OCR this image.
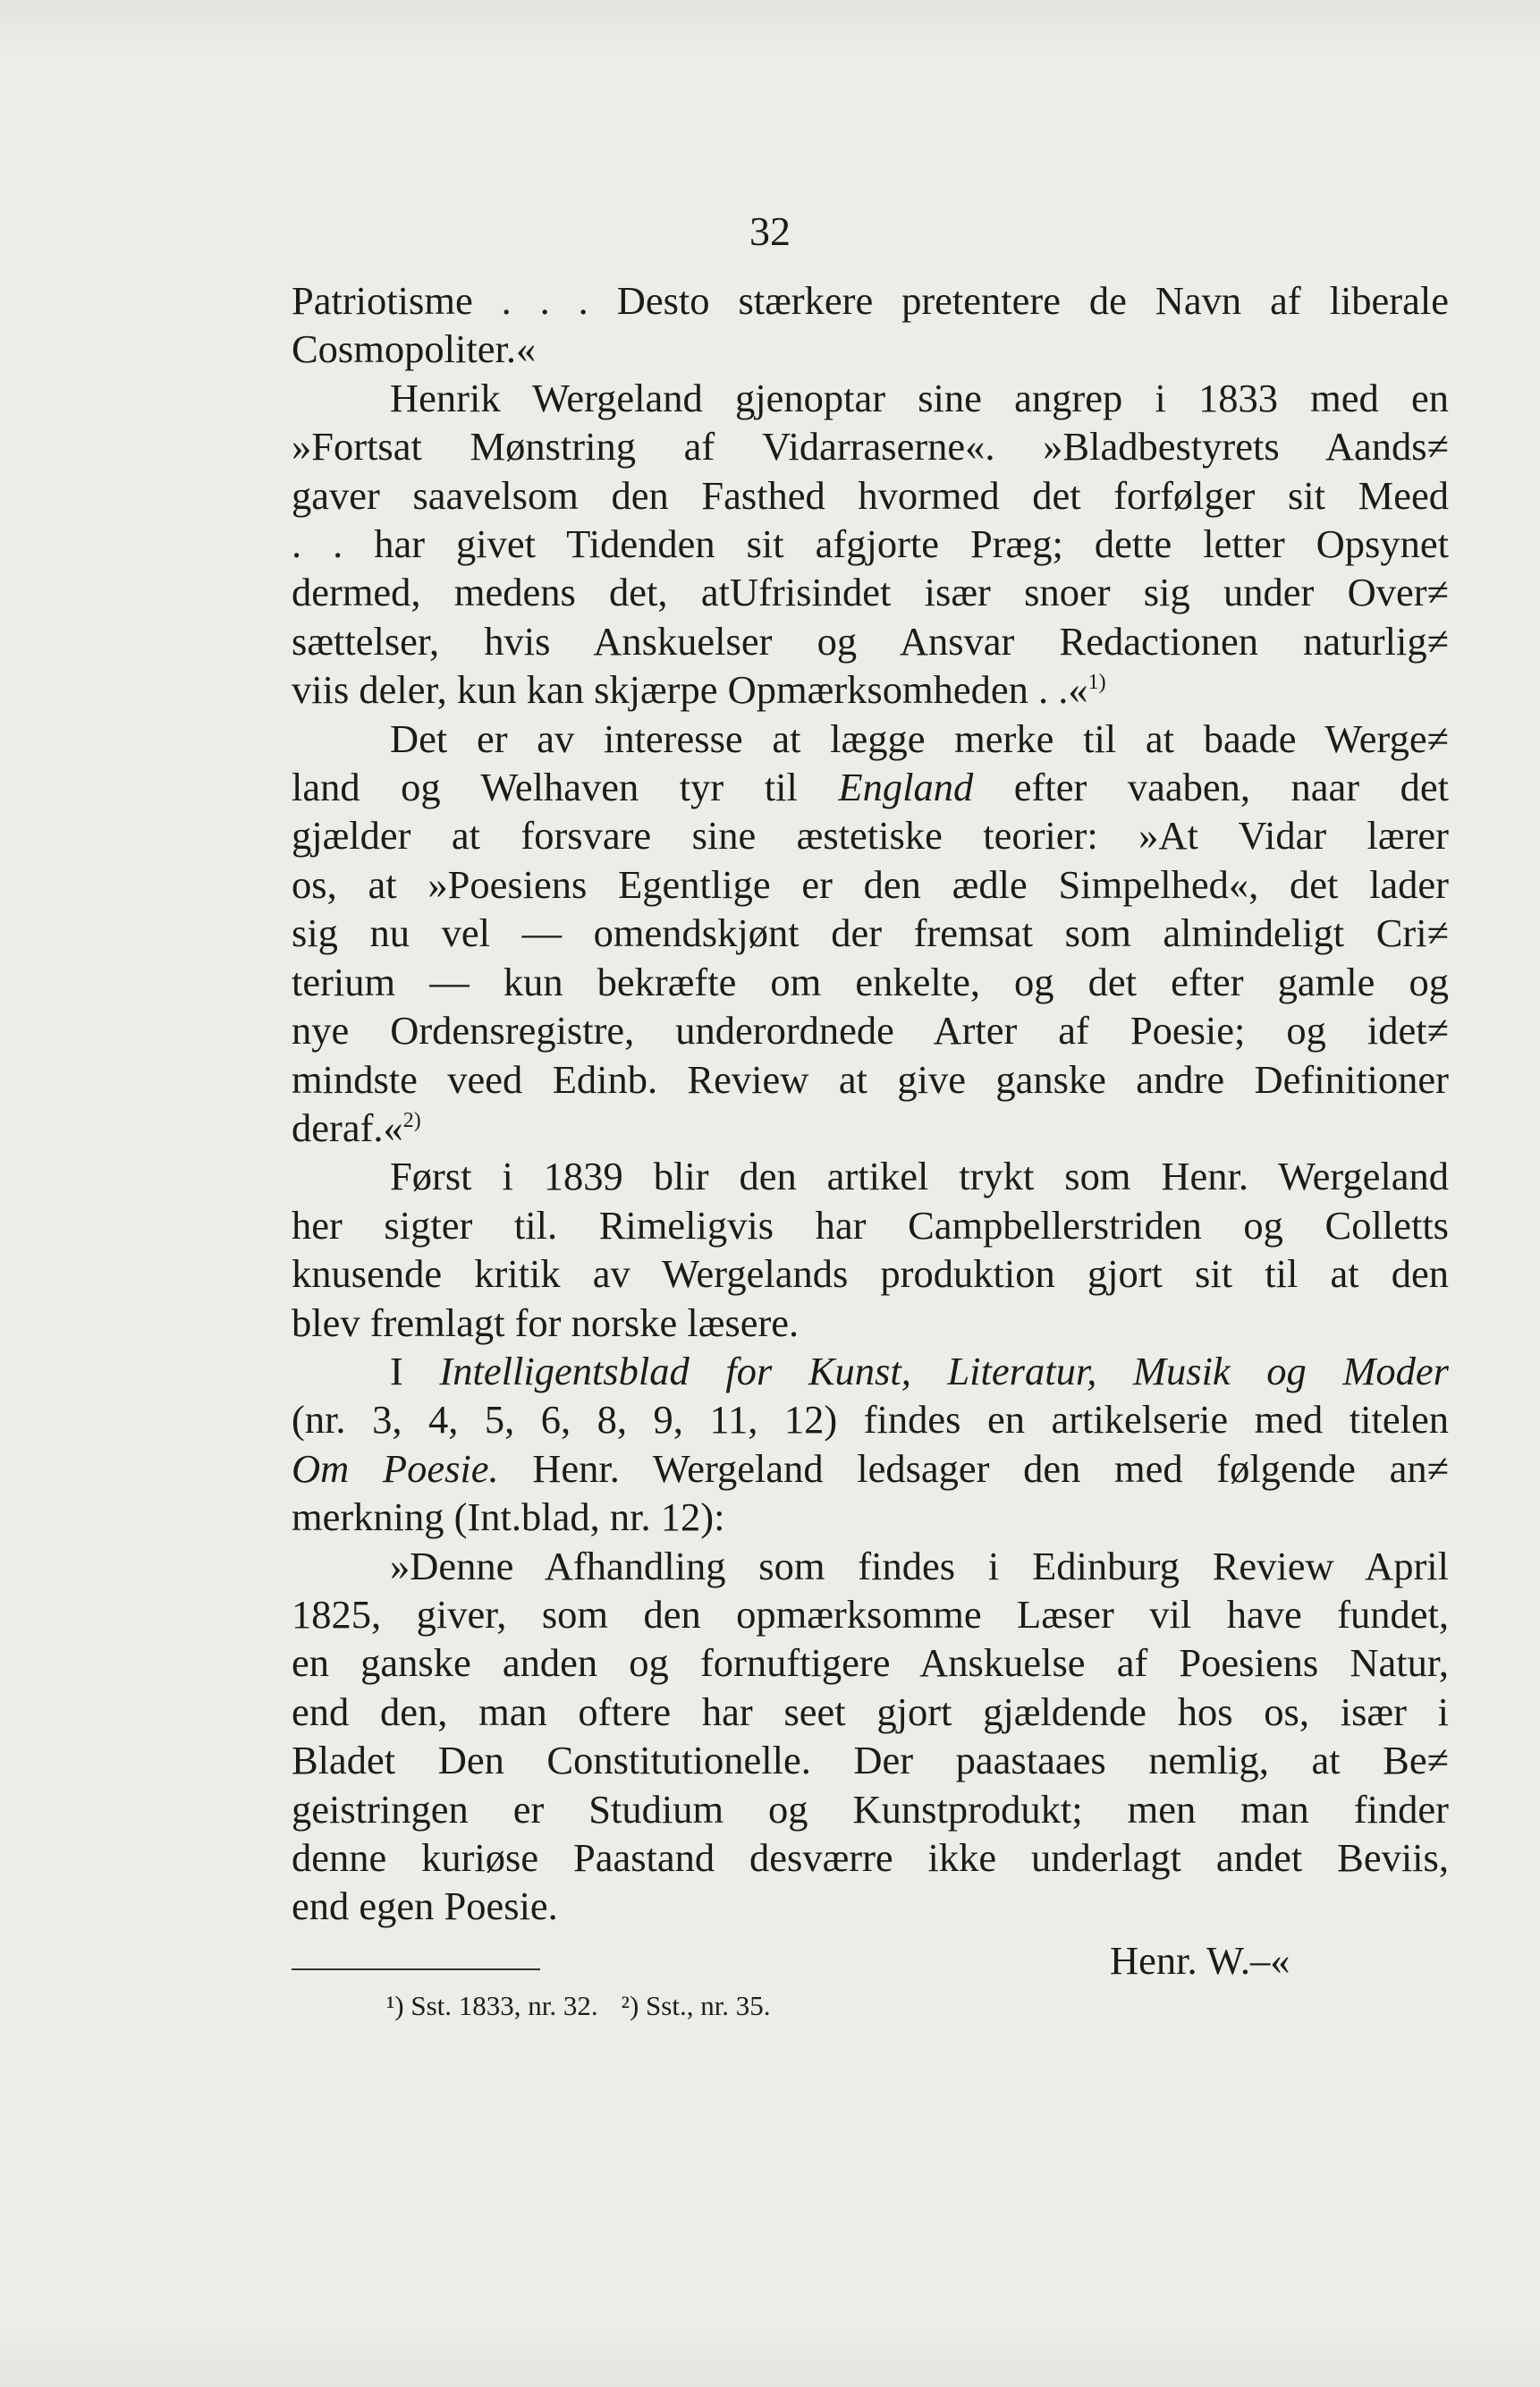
32
Patriotisme . . . Desto stærkere pretentere de Navn af liberale
Cosmopoliter.«
Henrik Wergeland gjenoptar sine angrep i 1833 med en
»Fortsat Mønstring af Vidarraserne«. »Bladbestyrets Aands≠
gaver saavelsom den Fasthed hvormed det forfølger sit Meed
. . har givet Tidenden sit afgjorte Præg; dette letter Opsynet
dermed, medens det, atUfrisindet især snoer sig under Over≠
sættelser, hvis Anskuelser og Ansvar Redactionen naturlig≠
viis deler, kun kan skjærpe Opmærksomheden . .«$^{1)}$
Det er av interesse at lægge merke til at baade Werge≠
land og Welhaven tyr til England efter vaaben, naar det
gjælder at forsvare sine æstetiske teorier: »At Vidar lærer
os, at »Poesiens Egentlige er den ædle Simpelhed«, det lader
sig nu vel — omendskjønt der fremsat som almindeligt Cri≠
terium — kun bekræfte om enkelte, og det efter gamle og
nye Ordensregistre, underordnede Arter af Poesie; og idet≠
mindste veed Edinb. Review at give ganske andre Definitioner
deraf.«$^{2)}$
Først i 1839 blir den artikel trykt som Henr. Wergeland
her sigter til. Rimeligvis har Campbellerstriden og Colletts
knusende kritik av Wergelands produktion gjort sit til at den
blev fremlagt for norske læsere.
I Intelligentsblad for Kunst, Literatur, Musik og Moder
(nr. 3, 4, 5, 6, 8, 9, 11, 12) findes en artikelserie med titelen
Om Poesie. Henr. Wergeland ledsager den med følgende an≠
merkning (Int.blad, nr. 12):
»Denne Afhandling som findes i Edinburg Review April
1825, giver, som den opmærksomme Læser vil have fundet,
en ganske anden og fornuftigere Anskuelse af Poesiens Natur,
end den, man oftere har seet gjort gjældende hos os, især i
Bladet Den Constitutionelle. Der paastaaes nemlig, at Be≠
geistringen er Studium og Kunstprodukt; men man finder
denne kuriøse Paastand desværre ikke underlagt andet Beviis,
end egen Poesie.
Henr. W.–«
¹) Sst. 1833, nr. 32. ²) Sst., nr. 35.
